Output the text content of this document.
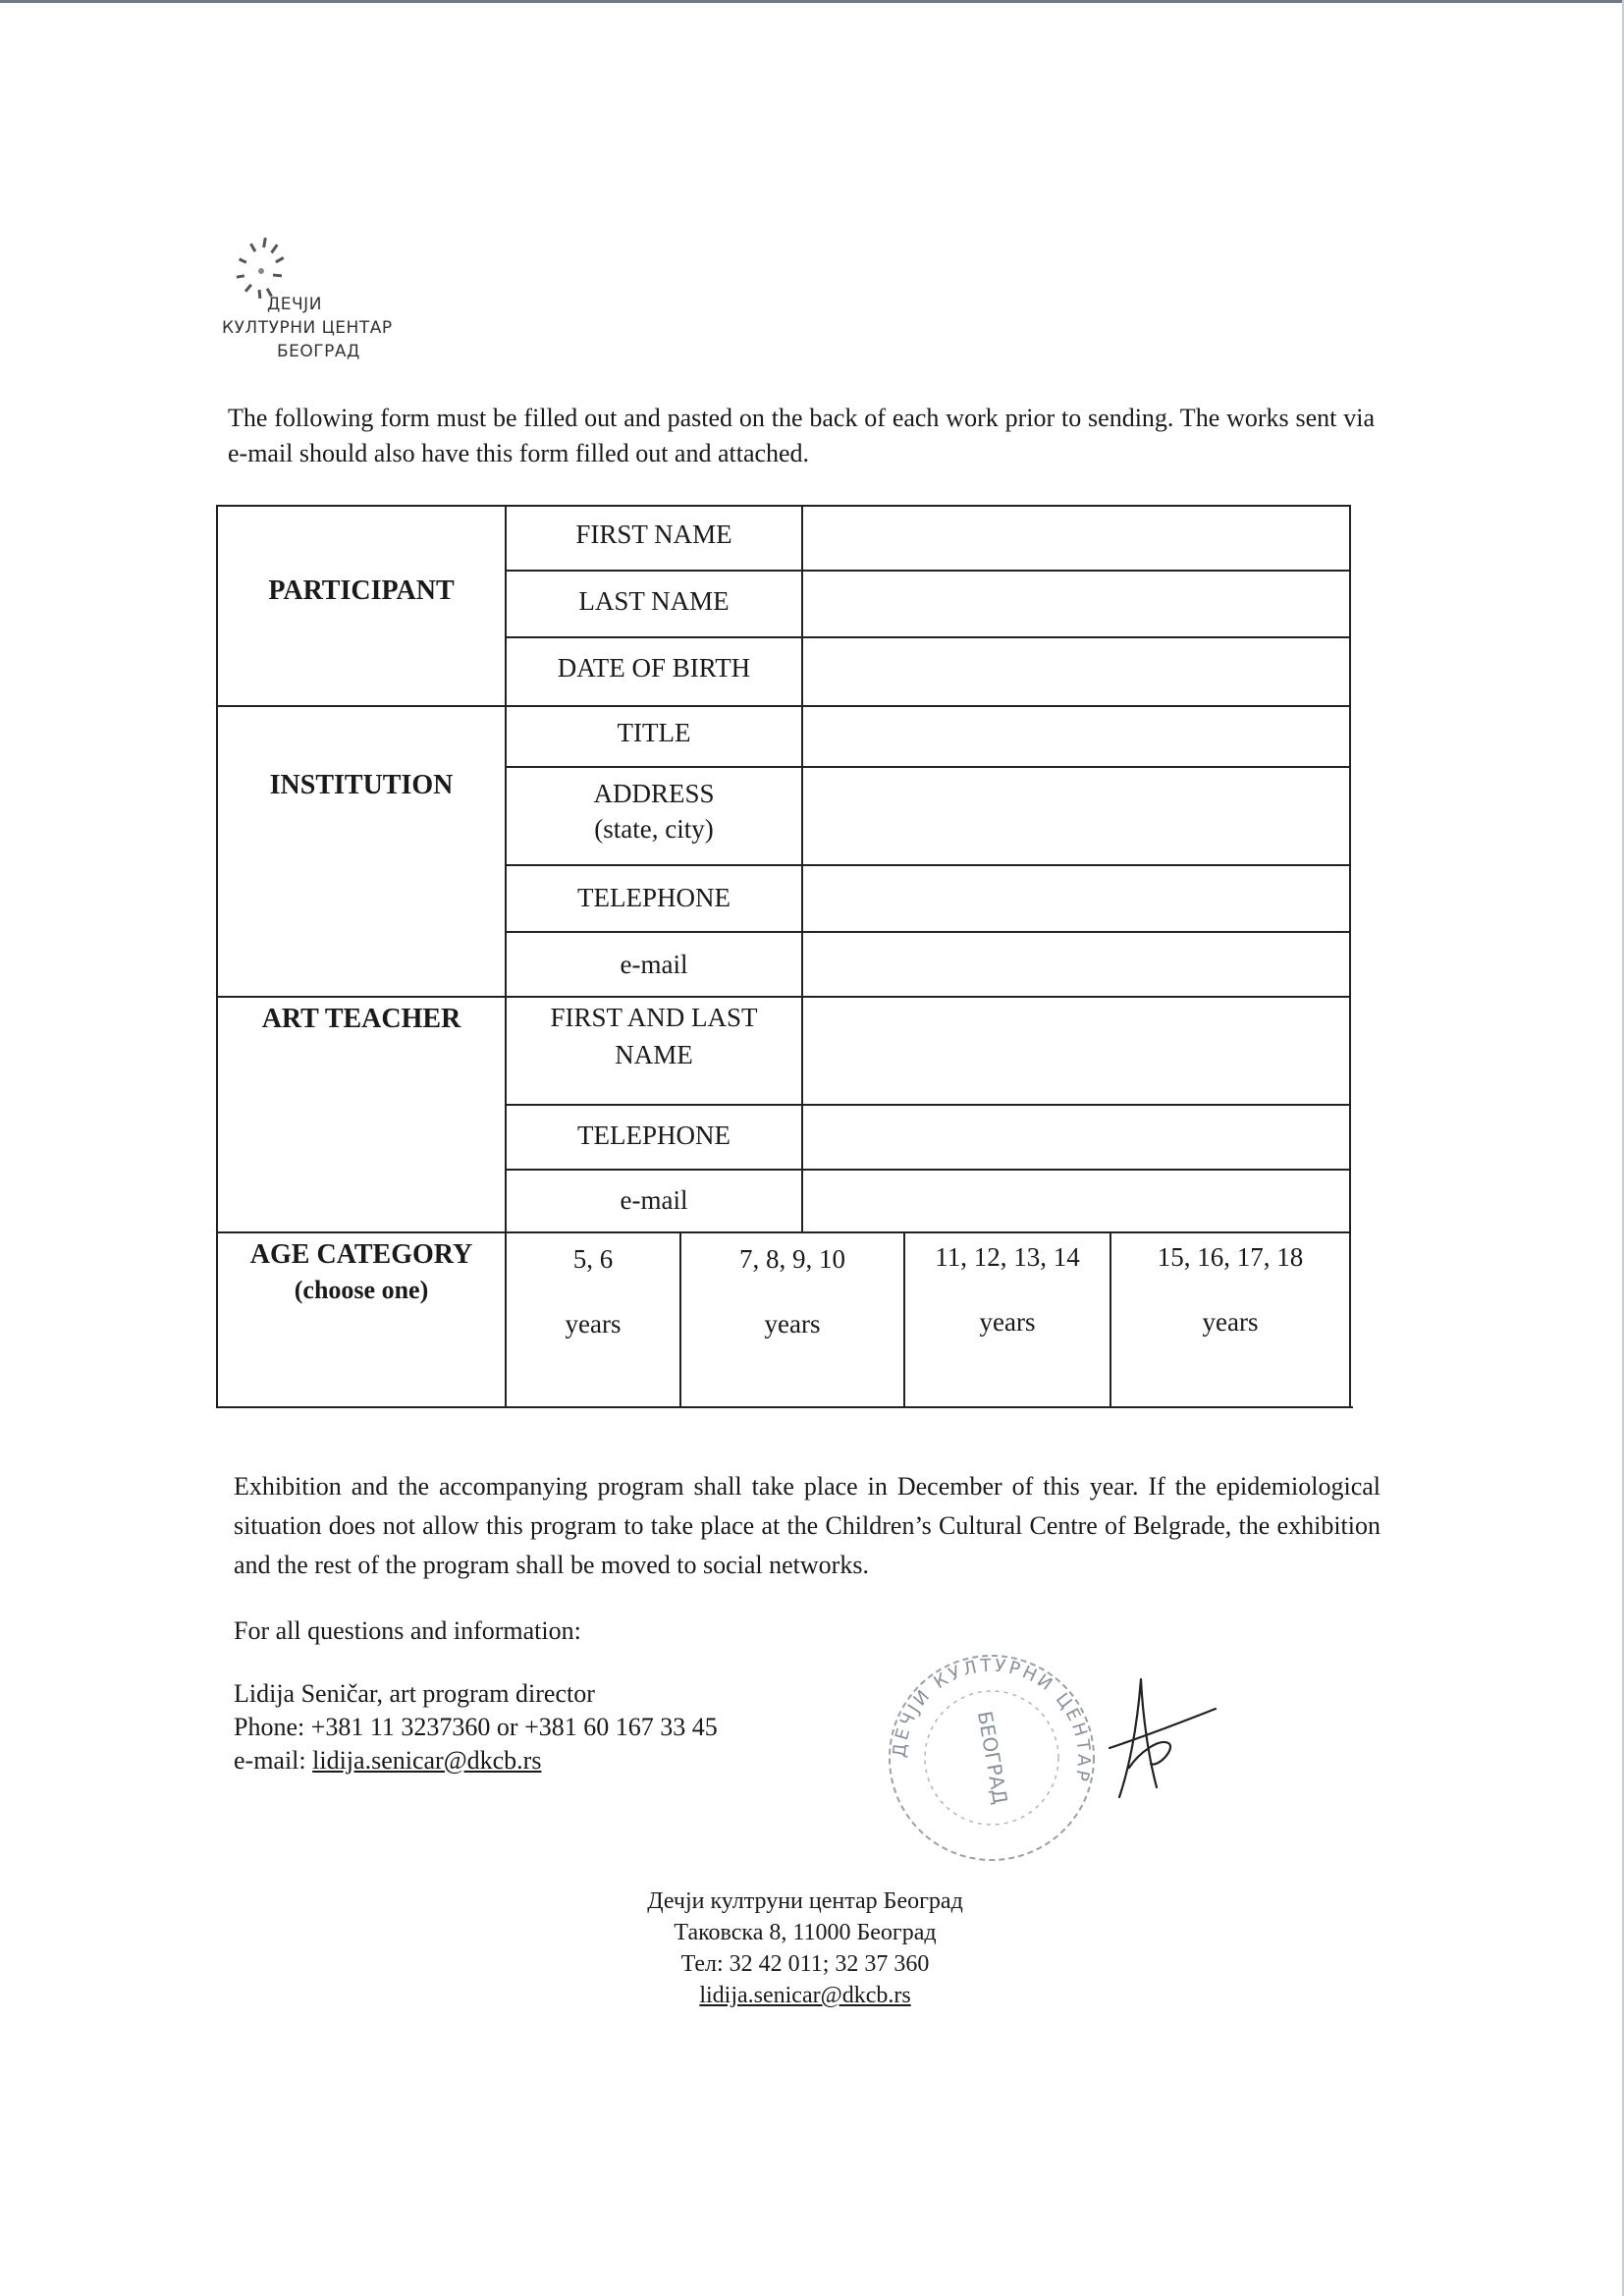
ДЕЧЈИ
КУЛТУРНИ ЦЕНТАР
БЕОГРАД
The following form must be filled out and pasted on the back of each work prior to sending. The works sent via e-mail should also have this form filled out and attached.
PARTICIPANT
INSTITUTION
ART TEACHER
AGE CATEGORY
(choose one)
FIRST NAME
LAST NAME
DATE OF BIRTH
TITLE
ADDRESS
(state, city)
TELEPHONE
e-mail
FIRST AND LAST
NAME
TELEPHONE
e-mail
5, 6
years
7, 8, 9, 10
years
11, 12, 13, 14
years
15, 16, 17, 18
years
Exhibition and the accompanying program shall take place in December of this year. If the epidemiological situation does not allow this program to take place at the Children’s Cultural Centre of Belgrade, the exhibition and the rest of the program shall be moved to social networks.
For all questions and information:
Lidija Seničar, art program director
Phone: +381 11 3237360 or +381 60 167 33 45
e-mail: lidija.senicar@dkcb.rs	ДЕЧЈИ КУЛТУРНИ ЦЕНТАР
БЕОГРАД
Дечји култруни центар Београд
Таковска 8, 11000 Београд
Тел: 32 42 011; 32 37 360
lidija.senicar@dkcb.rs
